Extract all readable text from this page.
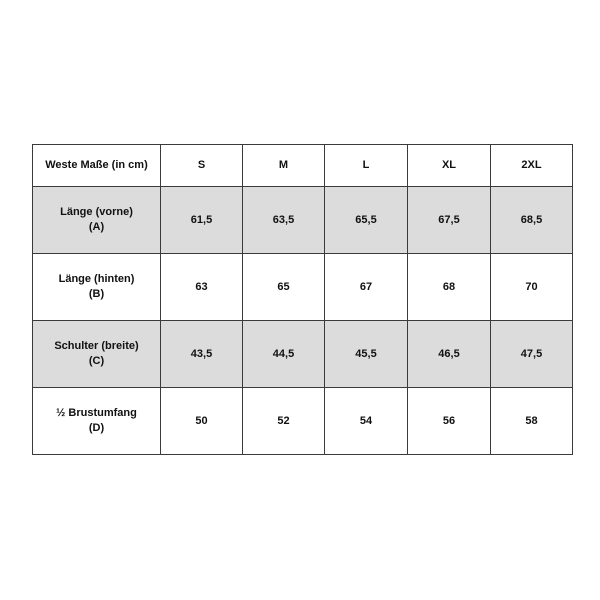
Weste Maße (in cm)	S	M	L	XL	2XL

Länge (vorne)
(A)	61,5	63,5	65,5	67,5	68,5

Länge (hinten)
(B)	63	65	67	68	70

Schulter (breite)
(C)	43,5	44,5	45,5	46,5	47,5

½ Brustumfang
(D)	50	52	54	56	58
